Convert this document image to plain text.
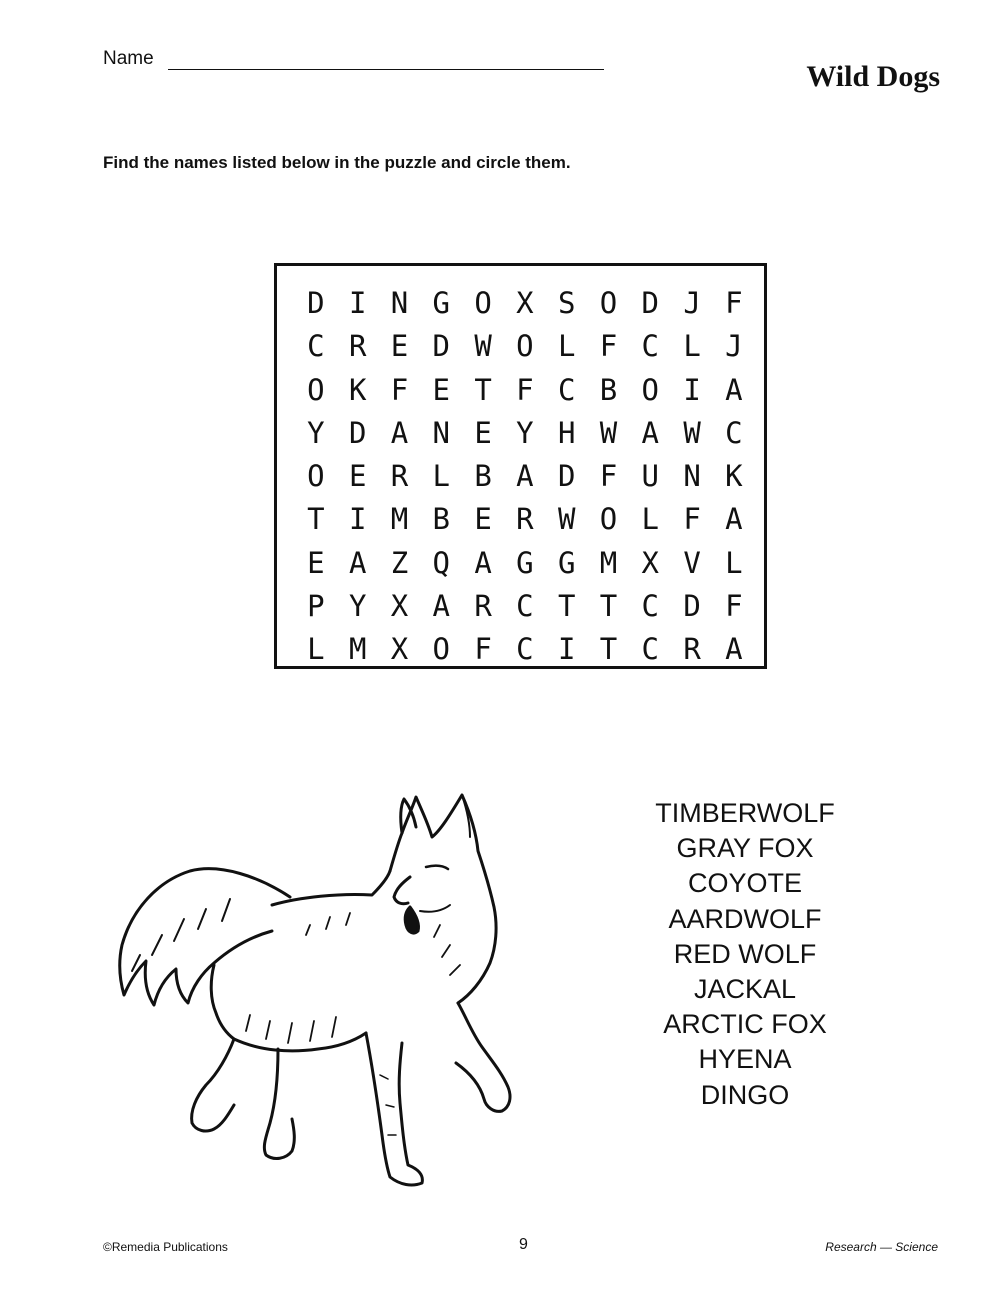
Name
Wild Dogs
Find the names listed below in the puzzle and circle them.
D I N G O X S O D J F
C R E D W O L F C L J
O K F E T F C B O I A
Y D A N E Y H W A W C
O E R L B A D F U N K
T I M B E R W O L F A
E A Z Q A G G M X V L
P Y X A R C T T C D F
L M X O F C I T C R A
TIMBERWOLF
GRAY FOX
COYOTE
AARDWOLF
RED WOLF
JACKAL
ARCTIC FOX
HYENA
DINGO
©Remedia Publications	9	Research — Science
